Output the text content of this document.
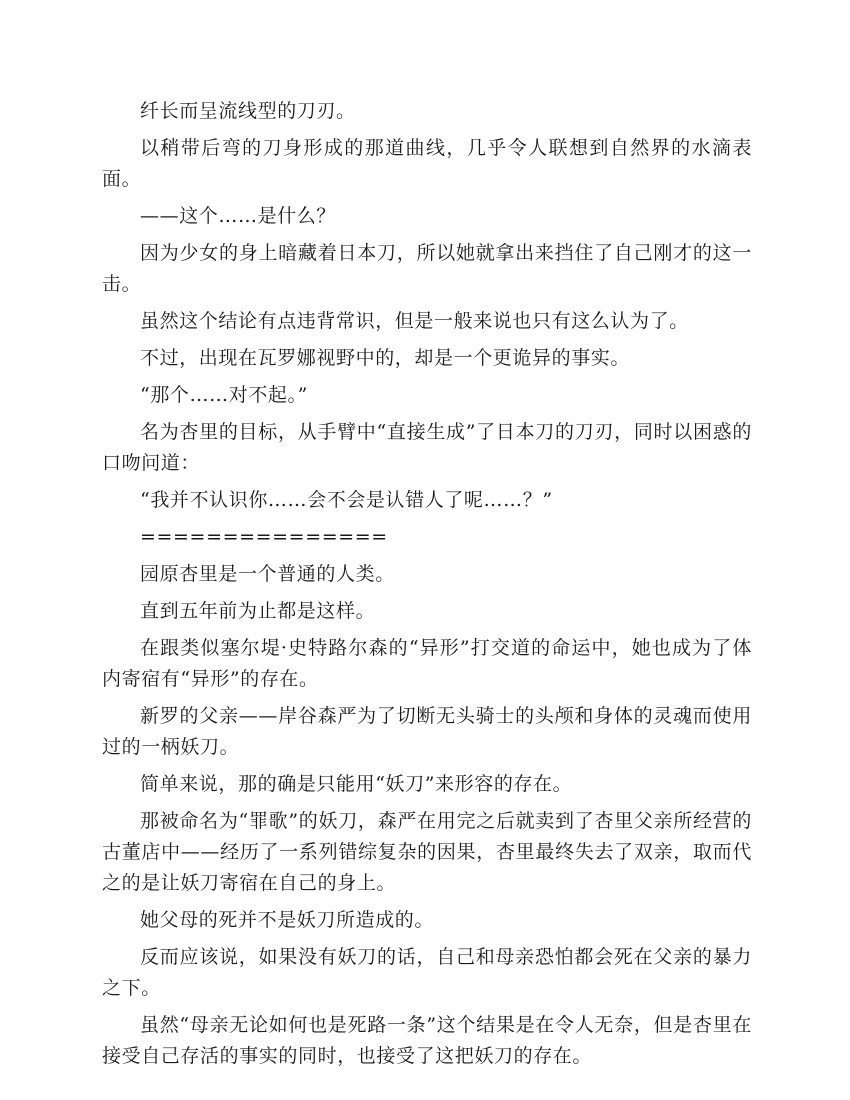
纤长而呈流线型的刀刃。

以稍带后弯的刀身形成的那道曲线，几乎令人联想到自然界的水滴表面。

——这个……是什么？

因为少女的身上暗藏着日本刀，所以她就拿出来挡住了自己刚才的这一击。

虽然这个结论有点违背常识，但是一般来说也只有这么认为了。

不过，出现在瓦罗娜视野中的，却是一个更诡异的事实。

“那个……对不起。”

名为杏里的目标，从手臂中“直接生成”了日本刀的刀刃，同时以困惑的口吻问道：

“我并不认识你……会不会是认错人了呢……？”

===============

园原杏里是一个普通的人类。

直到五年前为止都是这样。

在跟类似塞尔堤·史特路尔森的“异形”打交道的命运中，她也成为了体内寄宿有“异形”的存在。

新罗的父亲——岸谷森严为了切断无头骑士的头颅和身体的灵魂而使用过的一柄妖刀。

简单来说，那的确是只能用“妖刀”来形容的存在。

那被命名为“罪歌”的妖刀，森严在用完之后就卖到了杏里父亲所经营的古董店中——经历了一系列错综复杂的因果，杏里最终失去了双亲，取而代之的是让妖刀寄宿在自己的身上。

她父母的死并不是妖刀所造成的。

反而应该说，如果没有妖刀的话，自己和母亲恐怕都会死在父亲的暴力之下。

虽然“母亲无论如何也是死路一条”这个结果是在令人无奈，但是杏里在接受自己存活的事实的同时，也接受了这把妖刀的存在。
